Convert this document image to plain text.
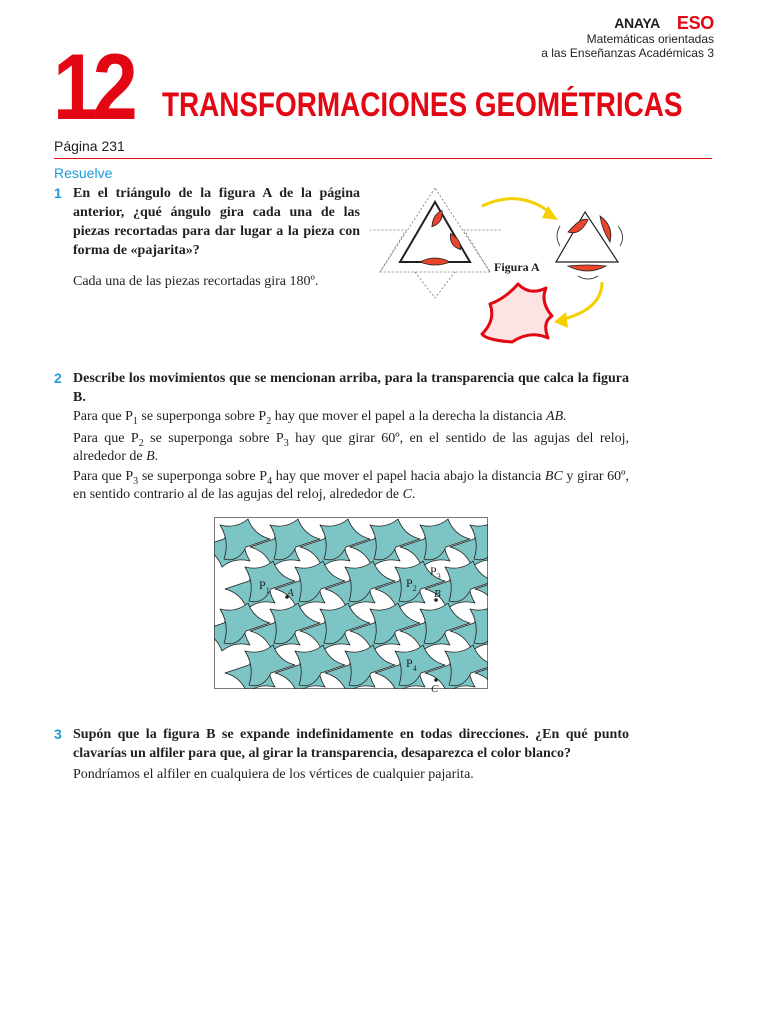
ANAYA ESO
Matemáticas orientadas
a las Enseñanzas Académicas 3
12 TRANSFORMACIONES GEOMÉTRICAS
Página 231
Resuelve
1 En el triángulo de la figura A de la página anterior, ¿qué ángulo gira cada una de las piezas recortadas para dar lugar a la pieza con forma de «pajarita»?
Cada una de las piezas recortadas gira 180º.
Figura A
2 Describe los movimientos que se mencionan arriba, para la transparencia que calca la figura B.
Para que $P_1$ se superponga sobre $P_2$ hay que mover el papel a la derecha la distancia AB.
Para que $P_2$ se superponga sobre $P_3$ hay que girar 60º, en el sentido de las agujas del reloj, alrededor de B.
Para que $P_3$ se superponga sobre $P_4$ hay que mover el papel hacia abajo la distancia BC y girar 60º, en sentido contrario al de las agujas del reloj, alrededor de C.
$P_1$ A
$P_2$
$P_3$
B
$P_4$
C
3 Supón que la figura B se expande indefinidamente en todas direcciones. ¿En qué punto clavarías un alfiler para que, al girar la transparencia, desaparezca el color blanco?
Pondríamos el alfiler en cualquiera de los vértices de cualquier pajarita.
